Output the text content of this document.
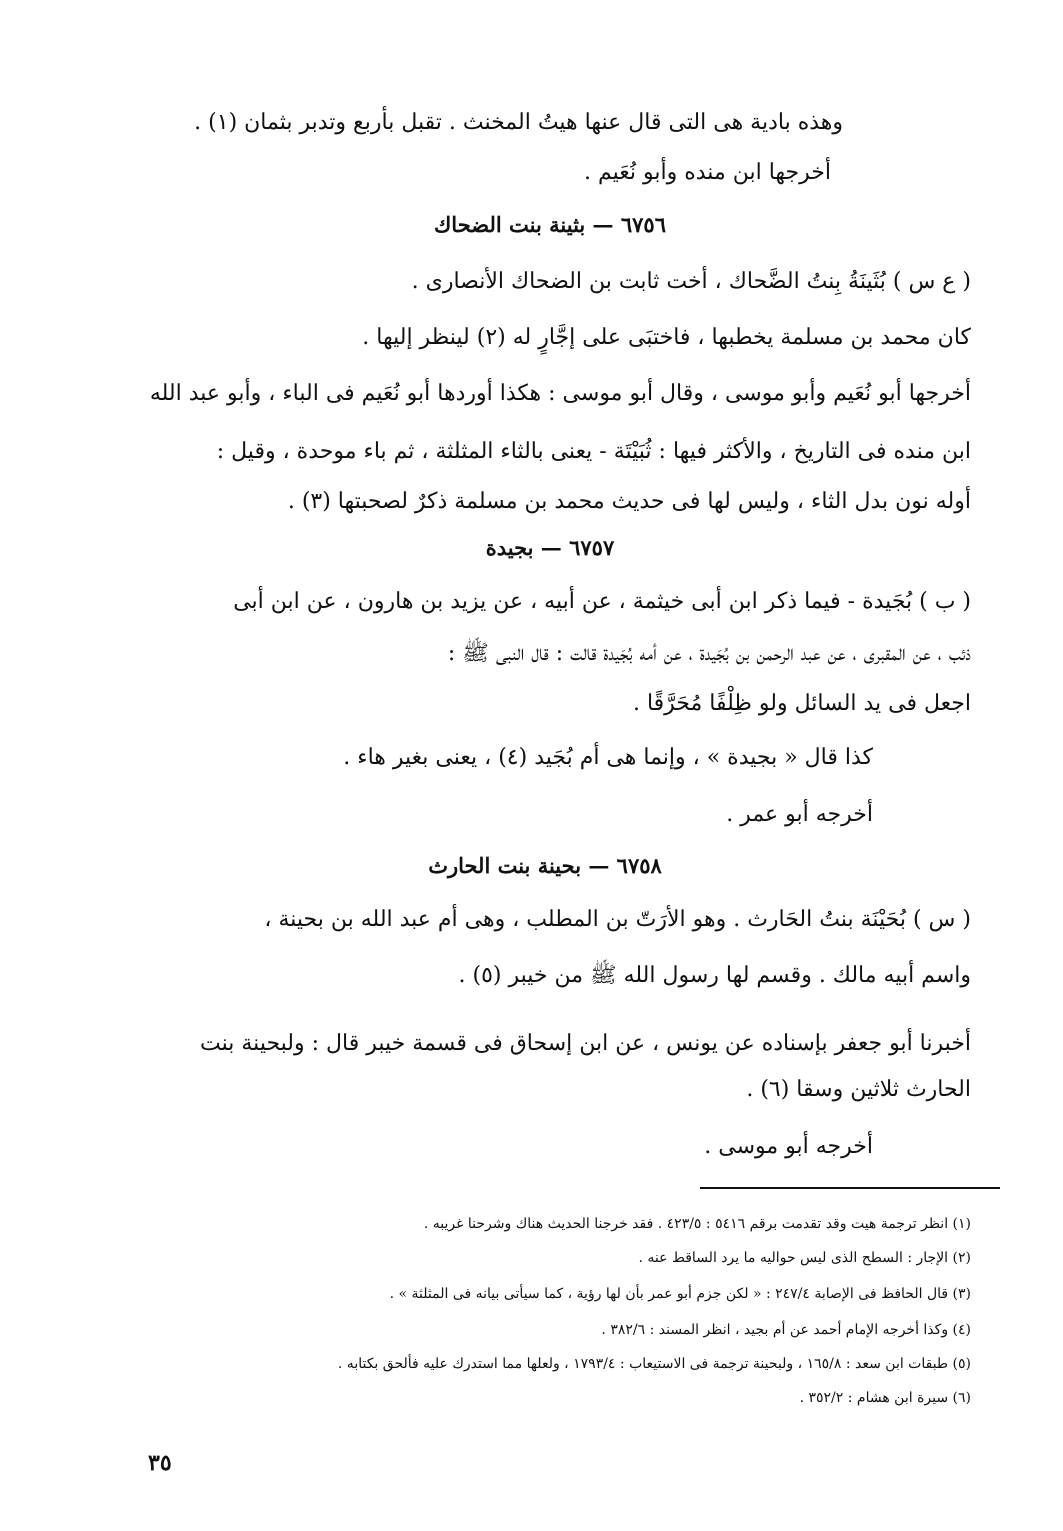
وهذه بادية هى التى قال عنها هيتُ المخنث . تقبل بأربع وتدبر بثمان (١) .
أخرجها ابن منده وأبو نُعَيم .
٦٧٥٦ — بثينة بنت الضحاك
( ع س ) بُثَينَةُ بِنتُ الضَّحاك ، أخت ثابت بن الضحاك الأنصارى .
كان محمد بن مسلمة يخطبها ، فاختبَى على إجَّارٍ له (٢) لينظر إليها .
أخرجها أبو نُعَيم وأبو موسى ، وقال أبو موسى : هكذا أوردها أبو نُعَيم فى الباء ، وأبو عبد الله
ابن منده فى التاريخ ، والأكثر فيها : ثُبَيْتَة - يعنى بالثاء المثلثة ، ثم باء موحدة ، وقيل :
أوله نون بدل الثاء ، وليس لها فى حديث محمد بن مسلمة ذكرٌ لصحبتها (٣) .
٦٧٥٧ — بجيدة
( ب ) بُجَيدة - فيما ذكر ابن أبى خيثمة ، عن أبيه ، عن يزيد بن هارون ، عن ابن أبى
ذئب ، عن المقبرى ، عن عبد الرحمن بن بُجَيدة ، عن أمه بُجَيدة قالت : قال النبى ﷺ :
اجعل فى يد السائل ولو ظِلْفًا مُحَرَّقًا .
كذا قال « بجيدة » ، وإنما هى أم بُجَيد (٤) ، يعنى بغير هاء .
أخرجه أبو عمر .
٦٧٥٨ — بحينة بنت الحارث
( س ) بُحَيْنَة بنتُ الحَارث . وهو الأرَتّ بن المطلب ، وهى أم عبد الله بن بحينة ،
واسم أبيه مالك . وقسم لها رسول الله ﷺ من خيبر (٥) .
أخبرنا أبو جعفر بإسناده عن يونس ، عن ابن إسحاق فى قسمة خيبر قال : ولبحينة بنت
الحارث ثلاثين وسقا (٦) .
أخرجه أبو موسى .
(١) انظر ترجمة هيت وقد تقدمت برقم ٥٤١٦ : ٤٢٣/٥ . فقد خرجنا الحديث هناك وشرحنا غريبه .
(٢) الإجار : السطح الذى ليس حواليه ما يرد الساقط عنه .
(٣) قال الحافظ فى الإصابة ٢٤٧/٤ : « لكن جزم أبو عمر بأن لها رؤية ، كما سيأتى بيانه فى المثلثة » .
(٤) وكذا أخرجه الإمام أحمد عن أم بجيد ، انظر المسند : ٣٨٢/٦ .
(٥) طبقات ابن سعد : ١٦٥/٨ ، ولبحينة ترجمة فى الاستيعاب : ١٧٩٣/٤ ، ولعلها مما استدرك عليه فألحق بكتابه .
(٦) سيرة ابن هشام : ٣٥٢/٢ .
٣٥
